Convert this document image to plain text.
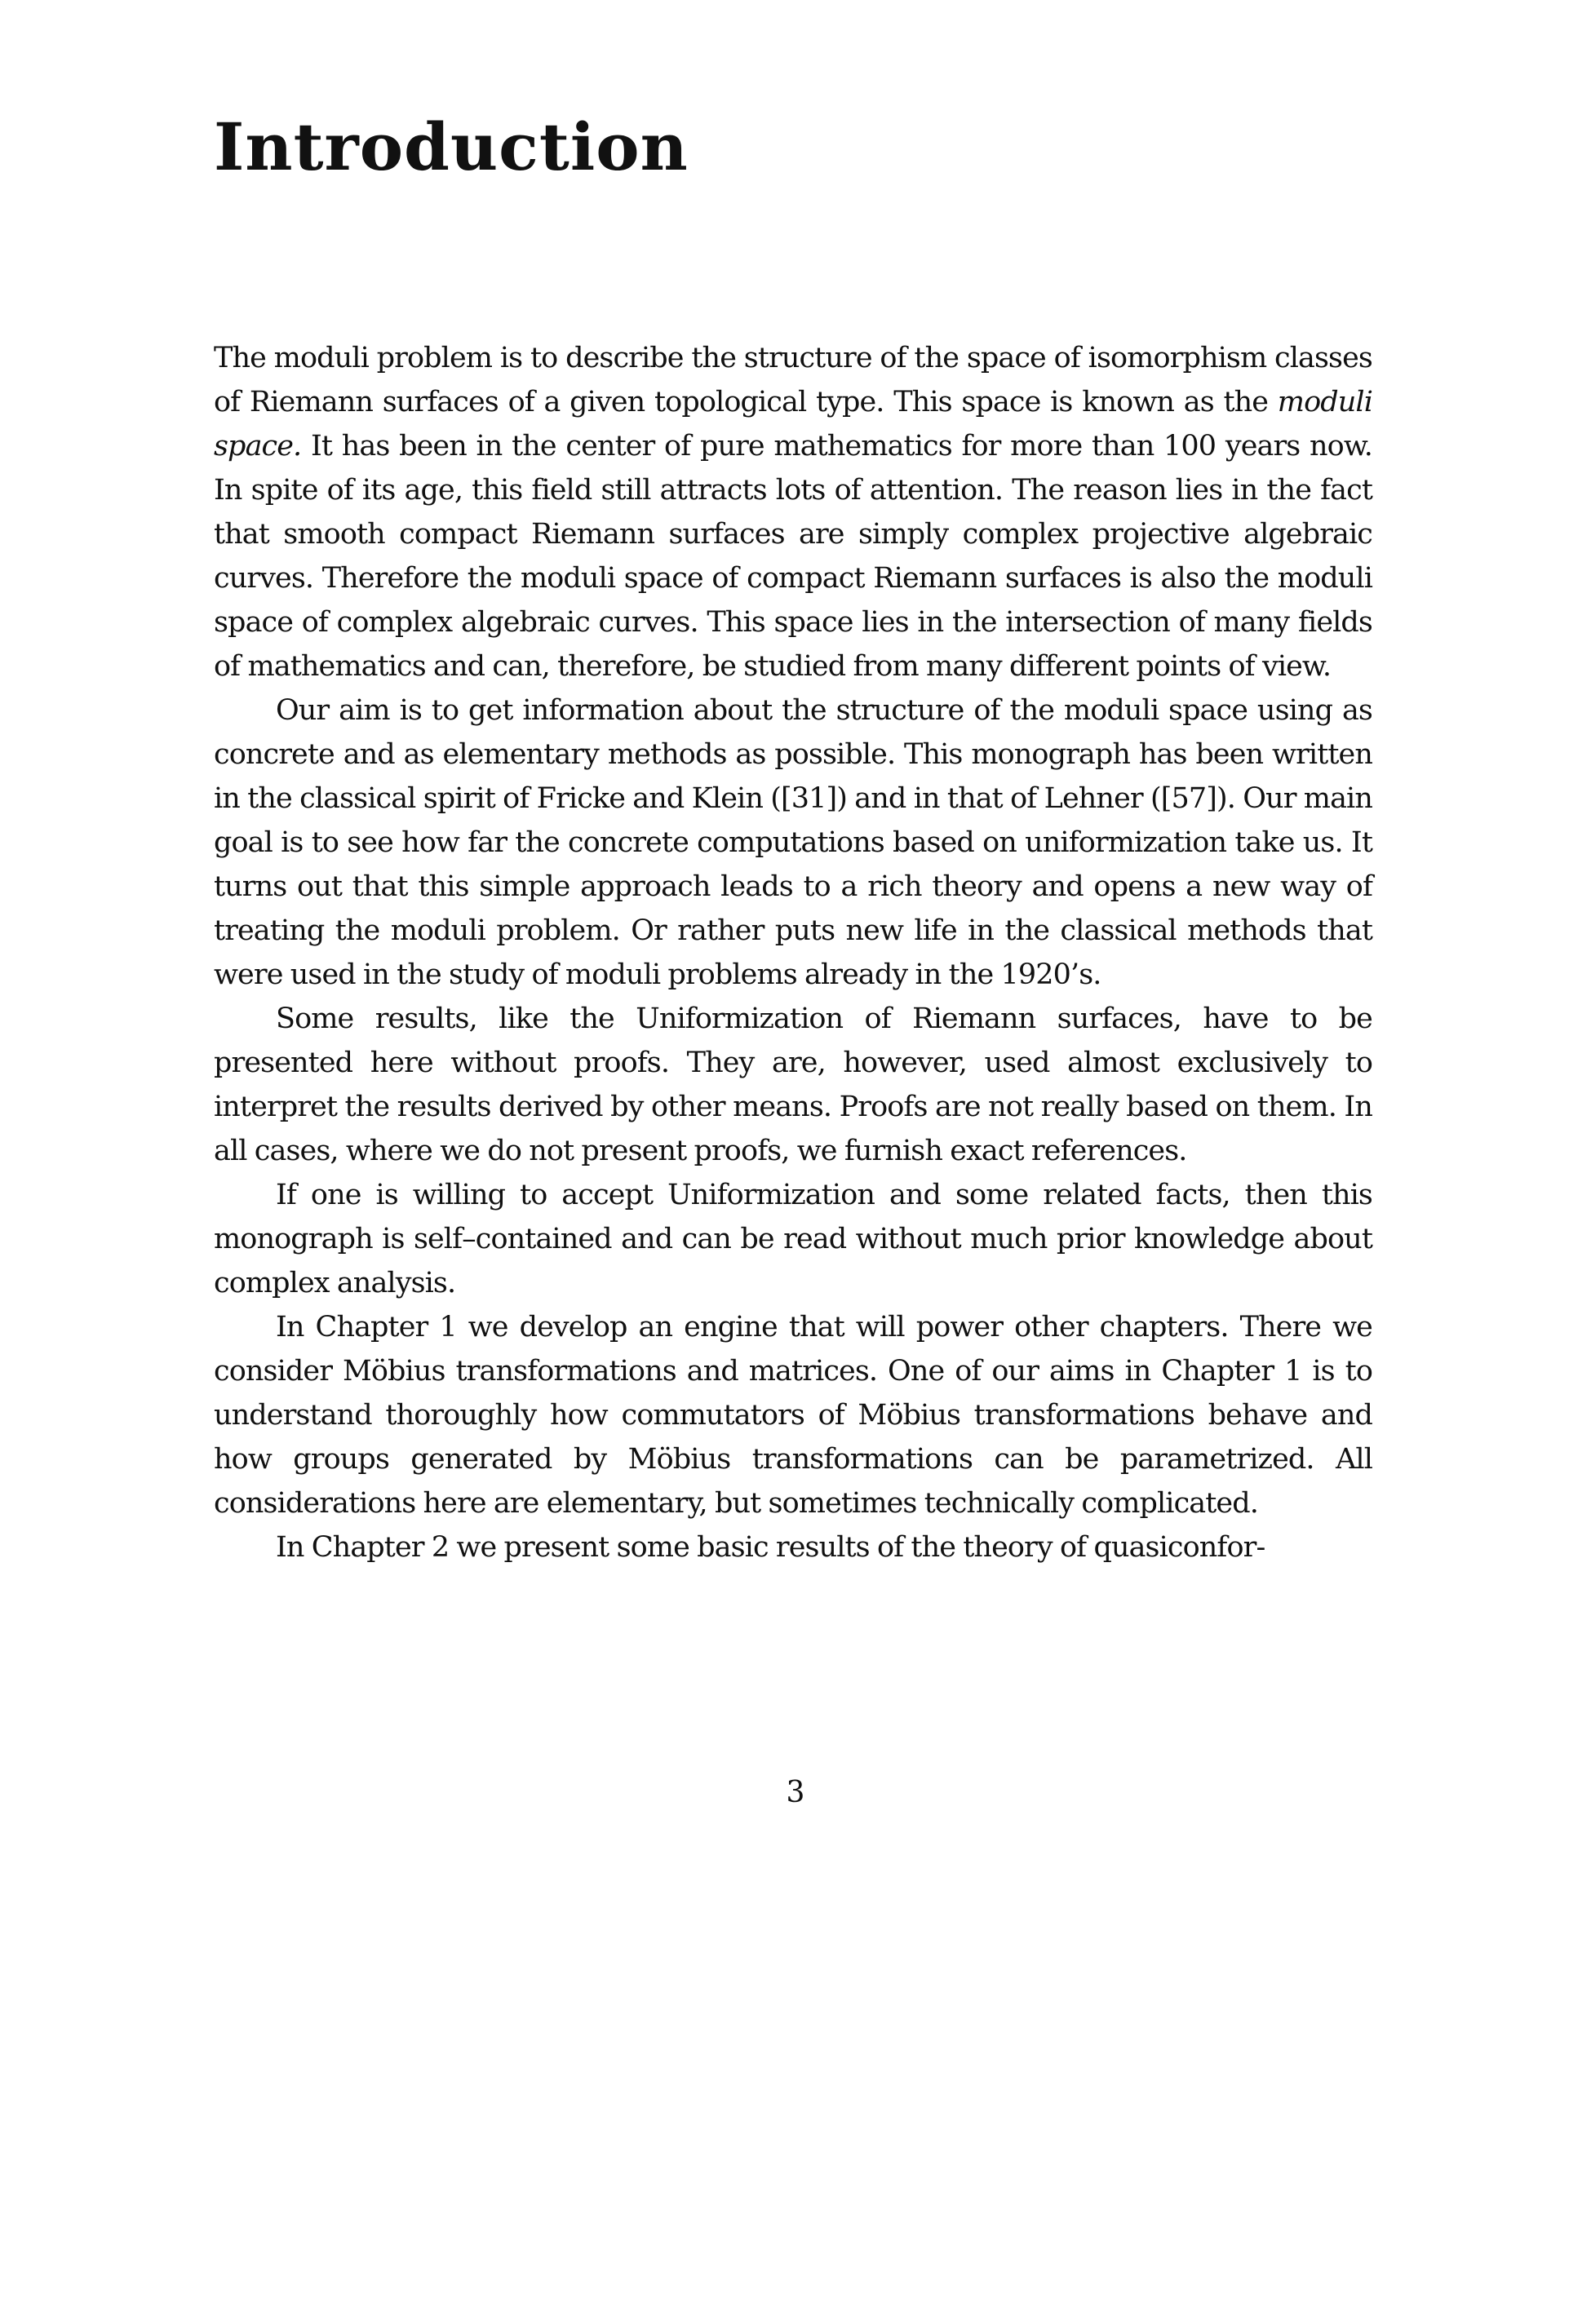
Introduction

The moduli problem is to describe the structure of the space of isomorphism classes of Riemann surfaces of a given topological type. This space is known as the moduli space. It has been in the center of pure mathematics for more than 100 years now. In spite of its age, this field still attracts lots of attention. The reason lies in the fact that smooth compact Riemann surfaces are simply complex projective algebraic curves. Therefore the moduli space of compact Riemann surfaces is also the moduli space of complex algebraic curves. This space lies in the intersection of many fields of mathematics and can, therefore, be studied from many different points of view.

Our aim is to get information about the structure of the moduli space using as concrete and as elementary methods as possible. This monograph has been written in the classical spirit of Fricke and Klein ([31]) and in that of Lehner ([57]). Our main goal is to see how far the concrete computations based on uniformization take us. It turns out that this simple approach leads to a rich theory and opens a new way of treating the moduli problem. Or rather puts new life in the classical methods that were used in the study of moduli problems already in the 1920’s.

Some results, like the Uniformization of Riemann surfaces, have to be presented here without proofs. They are, however, used almost exclusively to interpret the results derived by other means. Proofs are not really based on them. In all cases, where we do not present proofs, we furnish exact references.

If one is willing to accept Uniformization and some related facts, then this monograph is self–contained and can be read without much prior knowledge about complex analysis.

In Chapter 1 we develop an engine that will power other chapters. There we consider Möbius transformations and matrices. One of our aims in Chapter 1 is to understand thoroughly how commutators of Möbius transformations behave and how groups generated by Möbius transformations can be parametrized. All considerations here are elementary, but sometimes technically complicated.

In Chapter 2 we present some basic results of the theory of quasiconfor-

3
